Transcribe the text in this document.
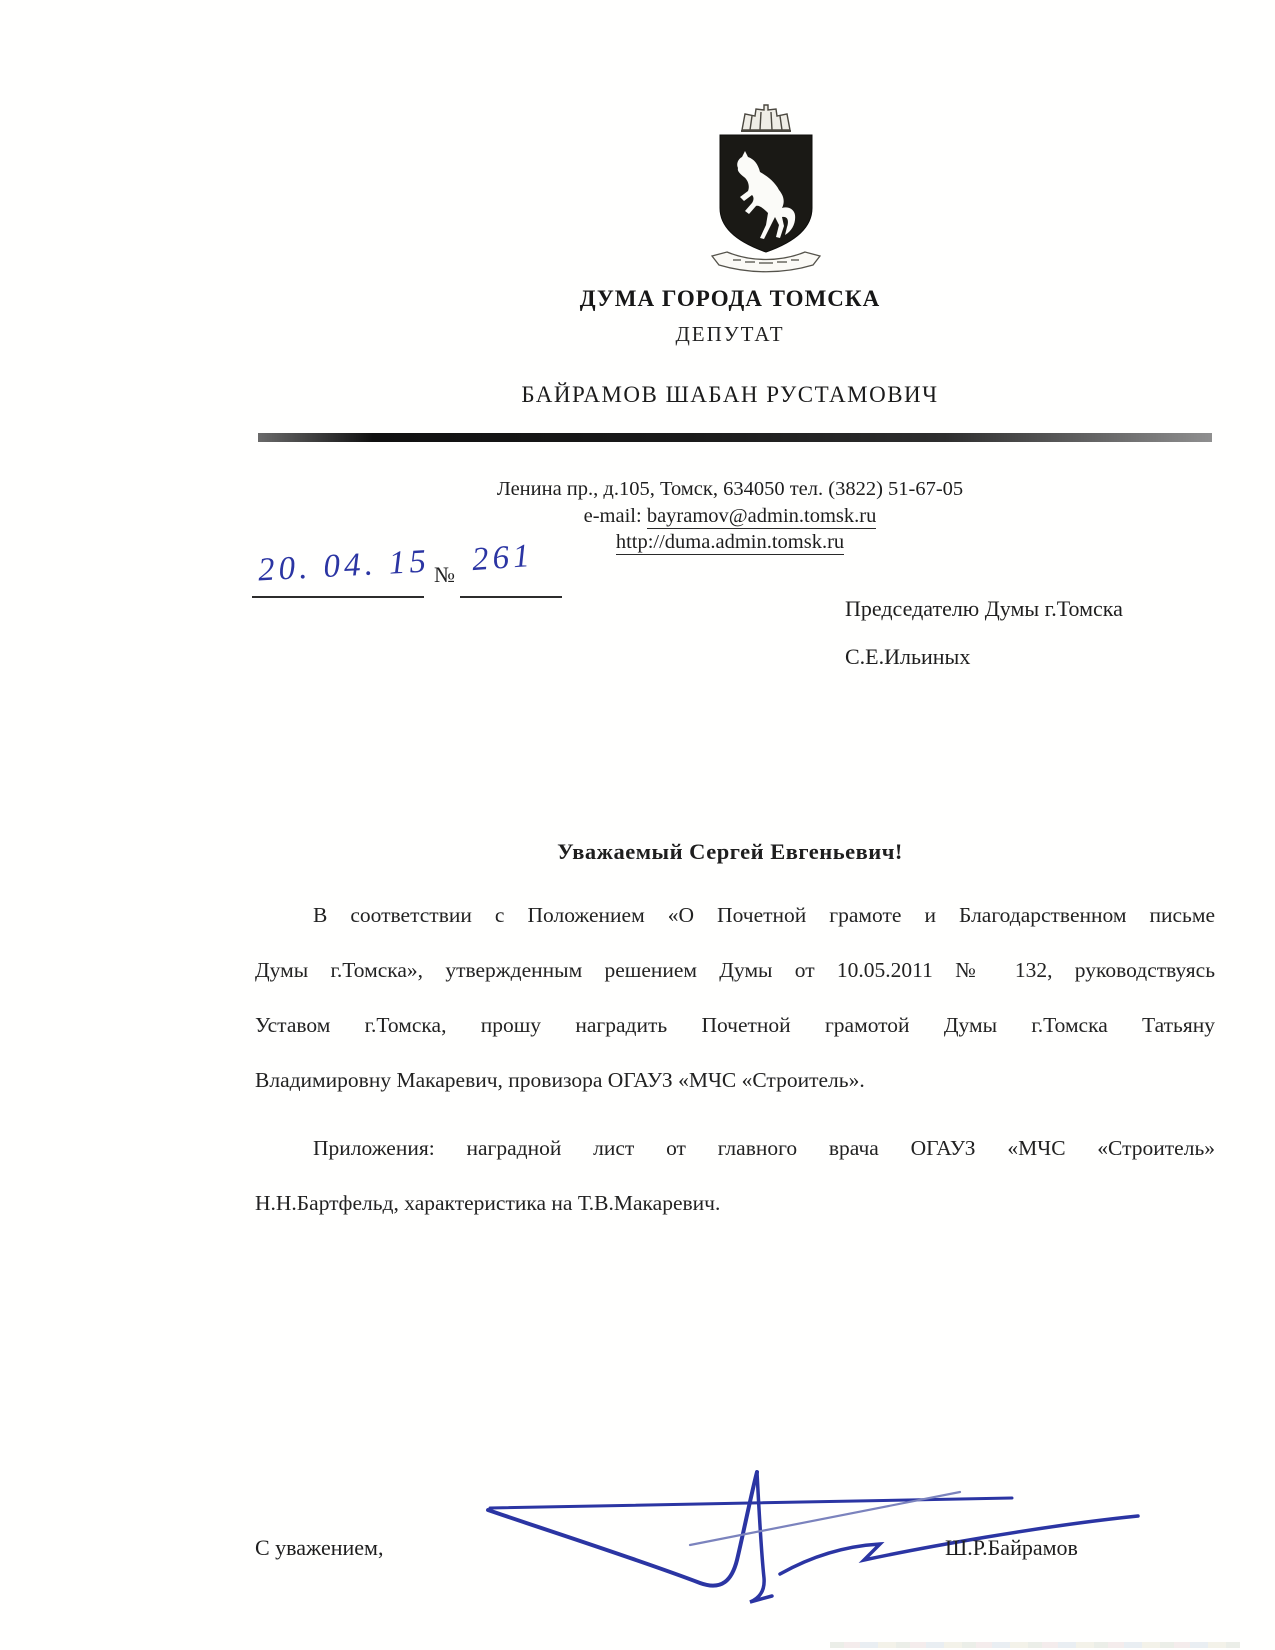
ДУМА ГОРОДА ТОМСКА
ДЕПУТАТ
БАЙРАМОВ ШАБАН РУСТАМОВИЧ
Ленина пр., д.105, Томск, 634050 тел. (3822) 51-67-05
e-mail: bayramov@admin.tomsk.ru
http://duma.admin.tomsk.ru
20. 04. 15 № 261
Председателю Думы г.Томска
С.Е.Ильиных
Уважаемый Сергей Евгеньевич!
В соответствии с Положением «О Почетной грамоте и Благодарственном письме
Думы г.Томска», утвержденным решением Думы от 10.05.2011 № 132, руководствуясь
Уставом г.Томска, прошу наградить Почетной грамотой Думы г.Томска Татьяну
Владимировну Макаревич, провизора ОГАУЗ «МЧС «Строитель».
Приложения: наградной лист от главного врача ОГАУЗ «МЧС «Строитель»
Н.Н.Бартфельд, характеристика на Т.В.Макаревич.
С уважением,	Ш.Р.Байрамов
